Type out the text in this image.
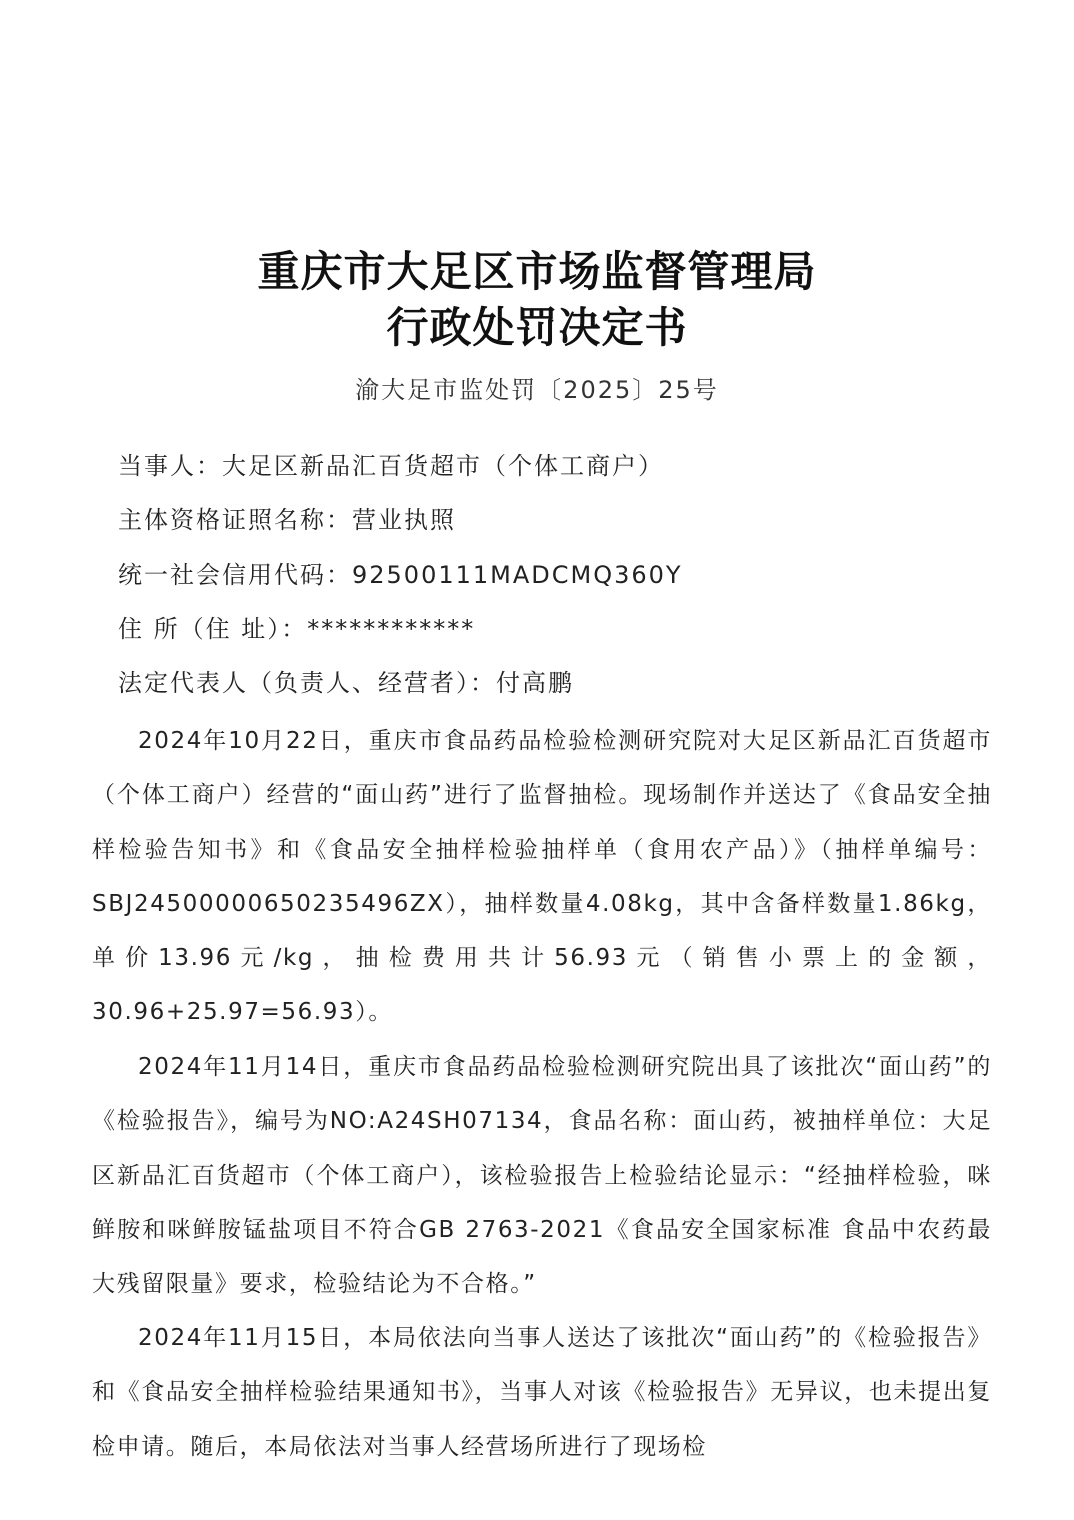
重庆市大足区市场监督管理局
行政处罚决定书
渝大足市监处罚〔2025〕25号
当事人：大足区新品汇百货超市（个体工商户）
主体资格证照名称：营业执照
统一社会信用代码：92500111MADCMQ360Y
住 所（住 址）：************
法定代表人（负责人、经营者）：付高鹏

2024年10月22日，重庆市食品药品检验检测研究院对大足区新品汇百货超市（个体工商户）经营的“面山药”进行了监督抽检。现场制作并送达了《食品安全抽样检验告知书》和《食品安全抽样检验抽样单（食用农产品）》（抽样单编号：SBJ24500000650235496ZX），抽样数量4.08kg，其中含备样数量1.86kg，单价13.96元/kg，抽检费用共计56.93元（销售小票上的金额，30.96+25.97=56.93）。

2024年11月14日，重庆市食品药品检验检测研究院出具了该批次“面山药”的《检验报告》，编号为NO:A24SH07134，食品名称：面山药，被抽样单位：大足区新品汇百货超市（个体工商户），该检验报告上检验结论显示：“经抽样检验，咪鲜胺和咪鲜胺锰盐项目不符合GB 2763-2021《食品安全国家标准 食品中农药最大残留限量》要求，检验结论为不合格。”

2024年11月15日，本局依法向当事人送达了该批次“面山药”的《检验报告》和《食品安全抽样检验结果通知书》，当事人对该《检验报告》无异议，也未提出复检申请。随后，本局依法对当事人经营场所进行了现场检
